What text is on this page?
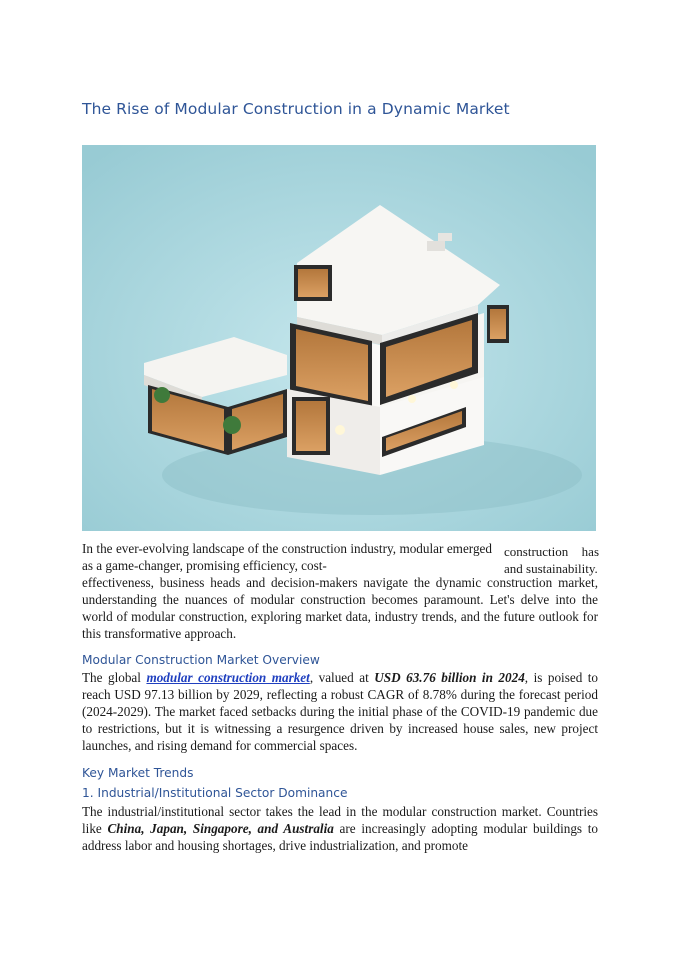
The Rise of Modular Construction in a Dynamic Market
In the ever-evolving landscape of the construction industry, modular emerged as a game-changer, promising efficiency, cost-
construction has and sustainability.
effectiveness, business heads and decision-makers navigate the dynamic construction market, understanding the nuances of modular construction becomes paramount. Let's delve into the world of modular construction, exploring market data, industry trends, and the future outlook for this transformative approach.
Modular Construction Market Overview
The global modular construction market, valued at USD 63.76 billion in 2024, is poised to reach USD 97.13 billion by 2029, reflecting a robust CAGR of 8.78% during the forecast period (2024-2029). The market faced setbacks during the initial phase of the COVID-19 pandemic due to restrictions, but it is witnessing a resurgence driven by increased house sales, new project launches, and rising demand for commercial spaces.
Key Market Trends
1. Industrial/Institutional Sector Dominance
The industrial/institutional sector takes the lead in the modular construction market. Countries like China, Japan, Singapore, and Australia are increasingly adopting modular buildings to address labor and housing shortages, drive industrialization, and promote
